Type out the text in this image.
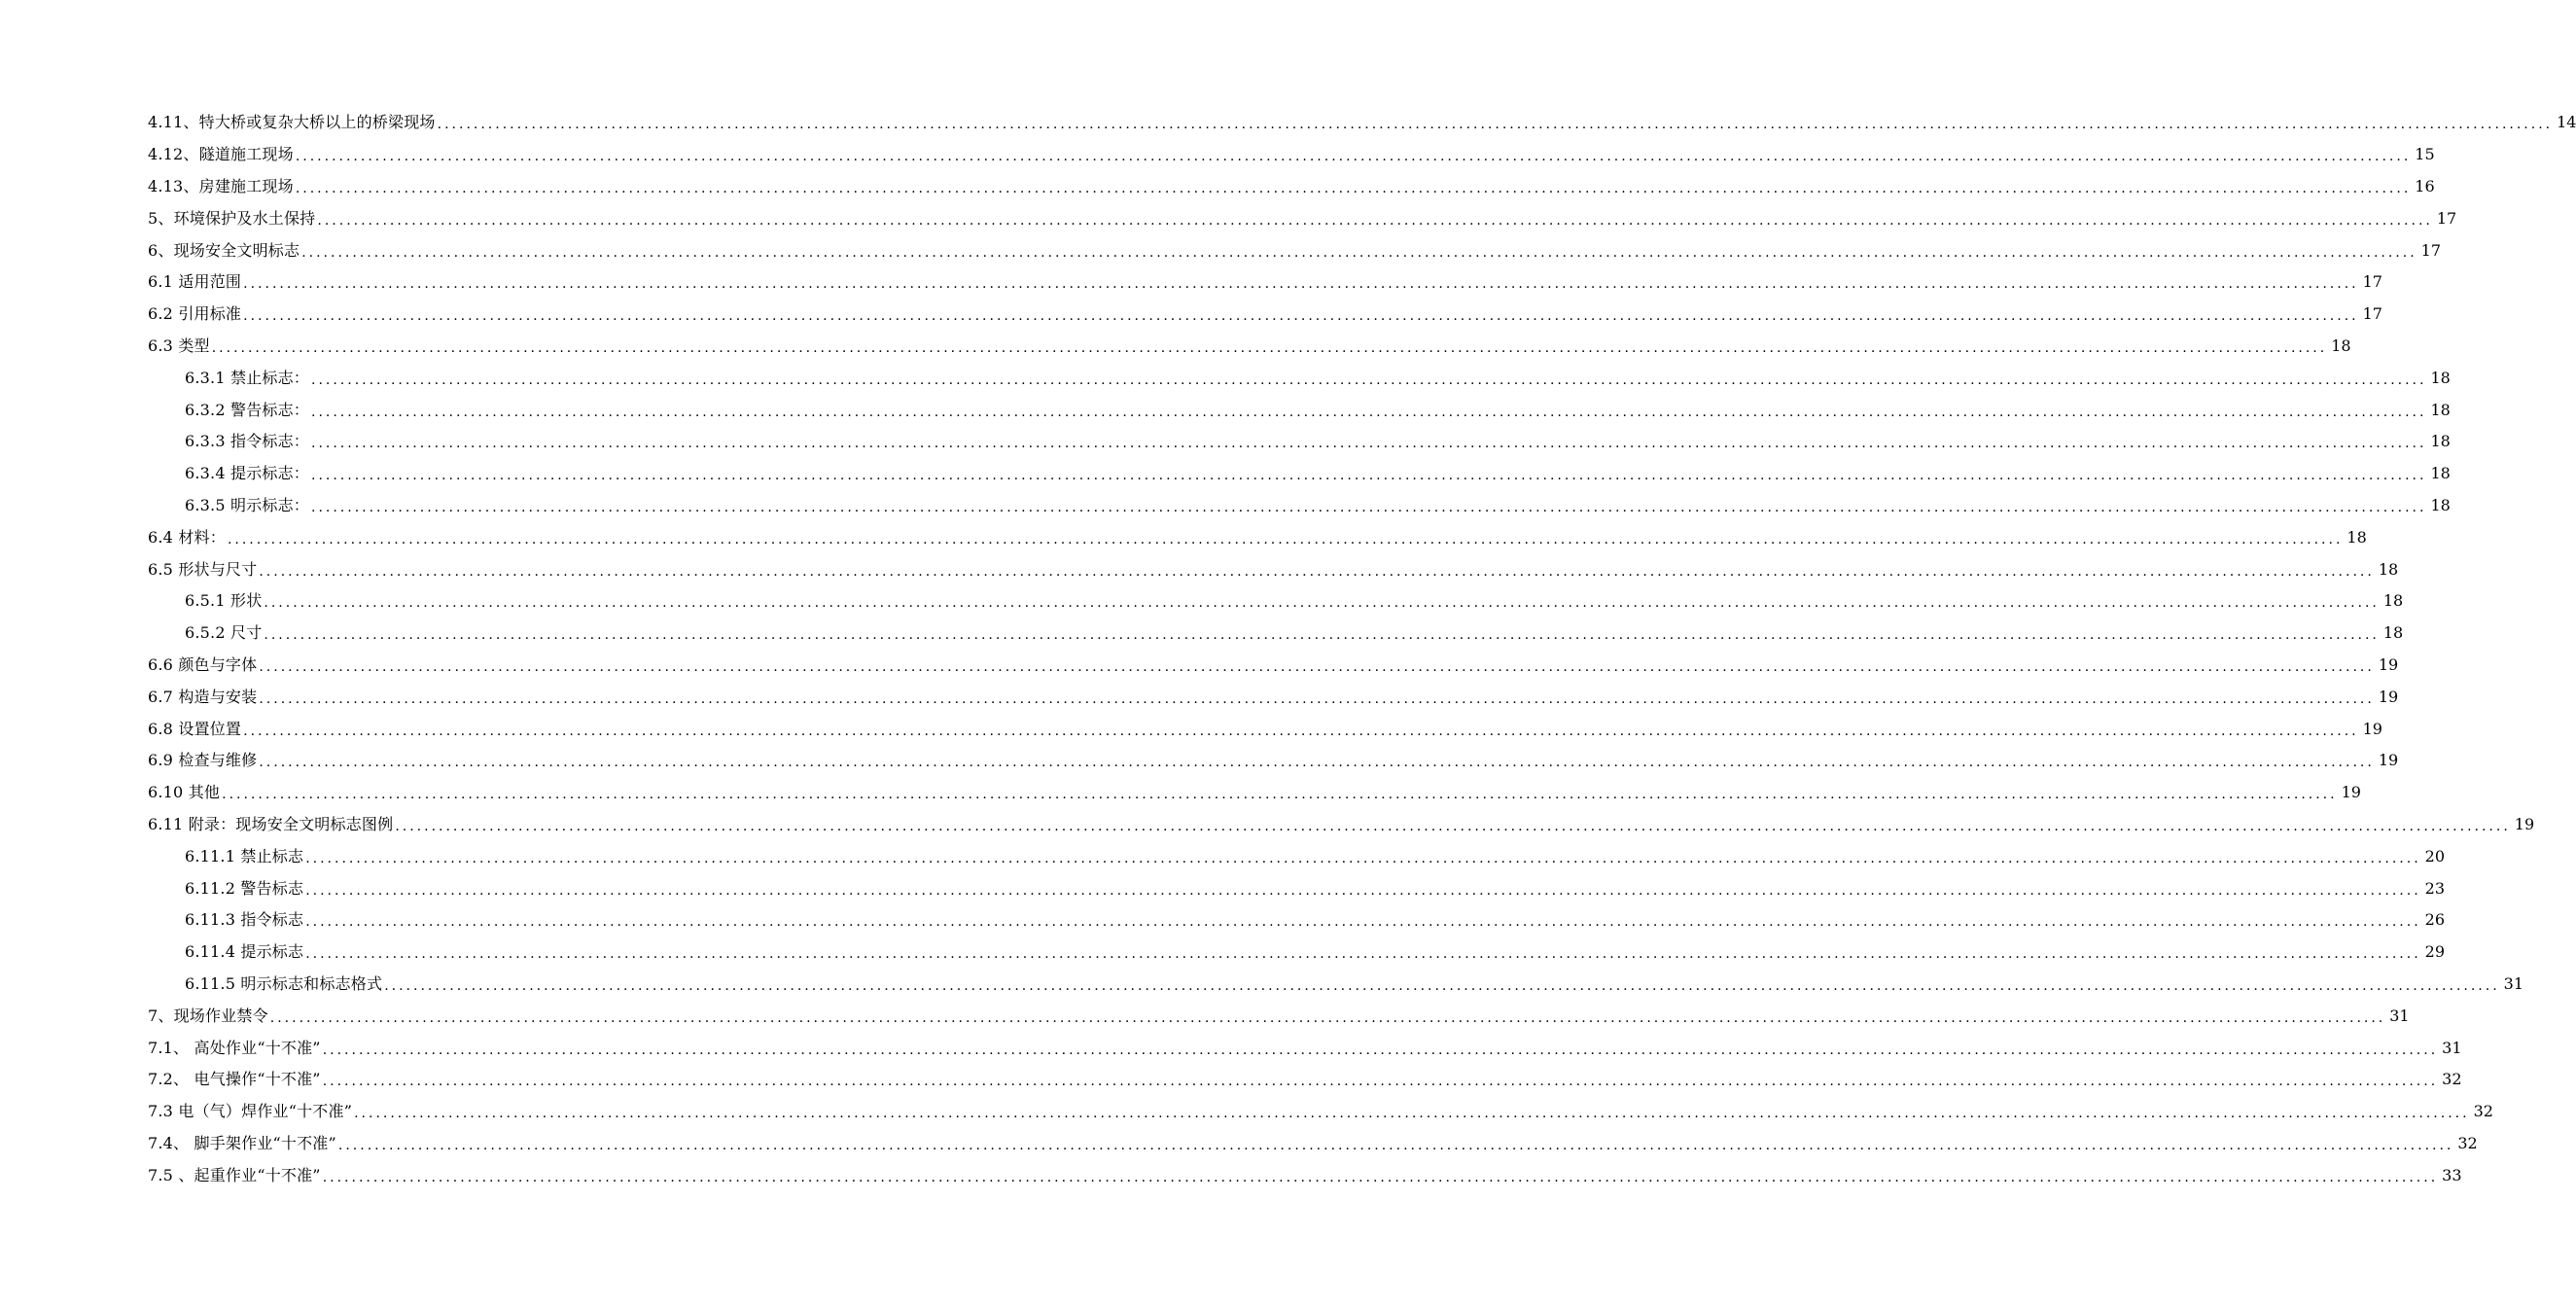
4.11、特大桥或复杂大桥以上的桥梁现场 .................................................................................................................................................................................................................................................................................................... 14
4.12、隧道施工现场 .................................................................................................................................................................................................................................................................................................... 15
4.13、房建施工现场 .................................................................................................................................................................................................................................................................................................... 16
5、环境保护及水土保持 .................................................................................................................................................................................................................................................................................................... 17
6、现场安全文明标志 .................................................................................................................................................................................................................................................................................................... 17
6.1 适用范围 .................................................................................................................................................................................................................................................................................................... 17
6.2 引用标准 .................................................................................................................................................................................................................................................................................................... 17
6.3 类型 .................................................................................................................................................................................................................................................................................................... 18
6.3.1 禁止标志： .................................................................................................................................................................................................................................................................................................... 18
6.3.2 警告标志： .................................................................................................................................................................................................................................................................................................... 18
6.3.3 指令标志： .................................................................................................................................................................................................................................................................................................... 18
6.3.4 提示标志： .................................................................................................................................................................................................................................................................................................... 18
6.3.5 明示标志： .................................................................................................................................................................................................................................................................................................... 18
6.4 材料： .................................................................................................................................................................................................................................................................................................... 18
6.5 形状与尺寸 .................................................................................................................................................................................................................................................................................................... 18
6.5.1 形状 .................................................................................................................................................................................................................................................................................................... 18
6.5.2 尺寸 .................................................................................................................................................................................................................................................................................................... 18
6.6 颜色与字体 .................................................................................................................................................................................................................................................................................................... 19
6.7 构造与安装 .................................................................................................................................................................................................................................................................................................... 19
6.8 设置位置 .................................................................................................................................................................................................................................................................................................... 19
6.9 检查与维修 .................................................................................................................................................................................................................................................................................................... 19
6.10 其他 .................................................................................................................................................................................................................................................................................................... 19
6.11 附录：现场安全文明标志图例 .................................................................................................................................................................................................................................................................................................... 19
6.11.1 禁止标志 .................................................................................................................................................................................................................................................................................................... 20
6.11.2 警告标志 .................................................................................................................................................................................................................................................................................................... 23
6.11.3 指令标志 .................................................................................................................................................................................................................................................................................................... 26
6.11.4 提示标志 .................................................................................................................................................................................................................................................................................................... 29
6.11.5 明示标志和标志格式 .................................................................................................................................................................................................................................................................................................... 31
7、现场作业禁令 .................................................................................................................................................................................................................................................................................................... 31
7.1、 高处作业“十不准” .................................................................................................................................................................................................................................................................................................... 31
7.2、 电气操作“十不准” .................................................................................................................................................................................................................................................................................................... 32
7.3 电（气）焊作业“十不准” .................................................................................................................................................................................................................................................................................................... 32
7.4、 脚手架作业“十不准” .................................................................................................................................................................................................................................................................................................... 32
7.5 、起重作业“十不准” .................................................................................................................................................................................................................................................................................................... 33
